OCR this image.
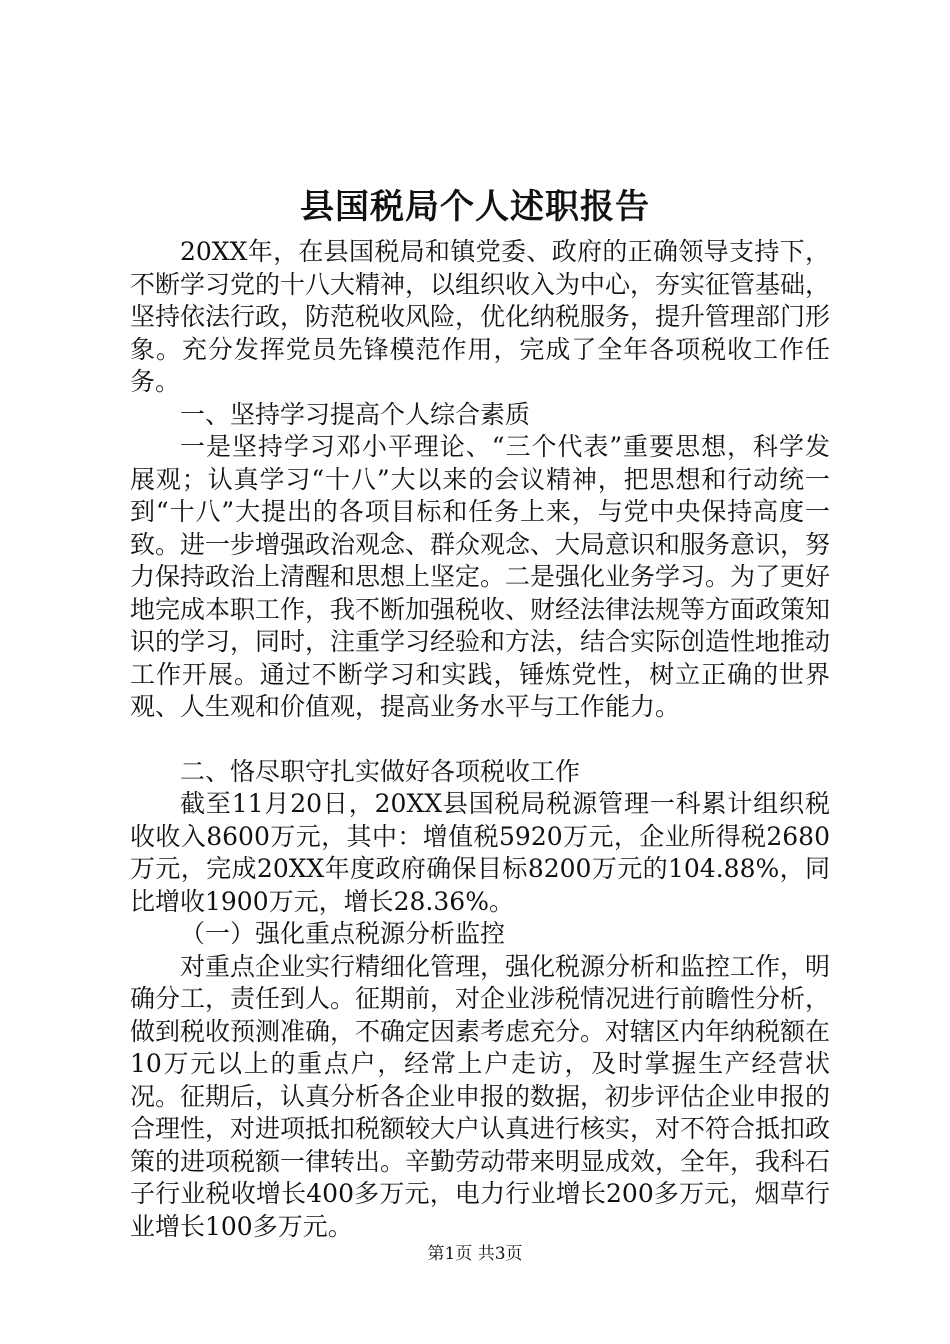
县国税局个人述职报告

20XX年，在县国税局和镇党委、政府的正确领导支持下，不断学习党的十八大精神，以组织收入为中心，夯实征管基础，坚持依法行政，防范税收风险，优化纳税服务，提升管理部门形象。充分发挥党员先锋模范作用，完成了全年各项税收工作任务。

一、坚持学习提高个人综合素质

一是坚持学习邓小平理论、“三个代表”重要思想，科学发展观；认真学习“十八”大以来的会议精神，把思想和行动统一到“十八”大提出的各项目标和任务上来，与党中央保持高度一致。进一步增强政治观念、群众观念、大局意识和服务意识，努力保持政治上清醒和思想上坚定。二是强化业务学习。为了更好地完成本职工作，我不断加强税收、财经法律法规等方面政策知识的学习，同时，注重学习经验和方法，结合实际创造性地推动工作开展。通过不断学习和实践，锤炼党性，树立正确的世界观、人生观和价值观，提高业务水平与工作能力。

二、恪尽职守扎实做好各项税收工作

截至11月20日，20XX县国税局税源管理一科累计组织税收收入8600万元，其中：增值税5920万元，企业所得税2680万元，完成20XX年度政府确保目标8200万元的104.88%，同比增收1900万元，增长28.36%。

（一）强化重点税源分析监控

对重点企业实行精细化管理，强化税源分析和监控工作，明确分工，责任到人。征期前，对企业涉税情况进行前瞻性分析，做到税收预测准确，不确定因素考虑充分。对辖区内年纳税额在10万元以上的重点户，经常上户走访，及时掌握生产经营状况。征期后，认真分析各企业申报的数据，初步评估企业申报的合理性，对进项抵扣税额较大户认真进行核实，对不符合抵扣政策的进项税额一律转出。辛勤劳动带来明显成效，全年，我科石子行业税收增长400多万元，电力行业增长200多万元，烟草行业增长100多万元。

第1页 共3页
